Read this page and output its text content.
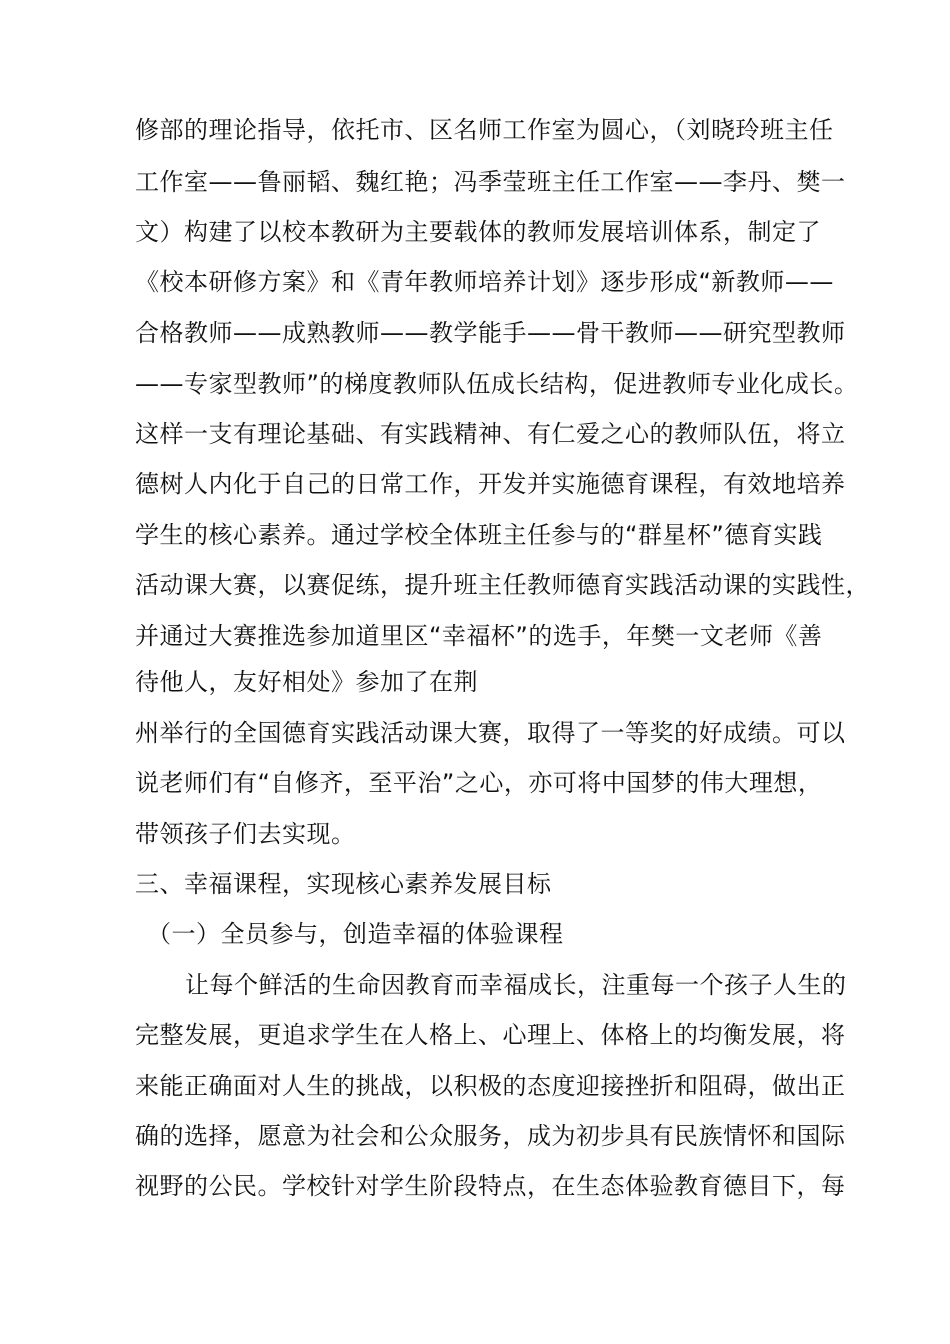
修部的理论指导，依托市、区名师工作室为圆心，（刘晓玲班主任
工作室——鲁丽韬、魏红艳；冯季莹班主任工作室——李丹、樊一
文）构建了以校本教研为主要载体的教师发展培训体系，制定了
《校本研修方案》和《青年教师培养计划》逐步形成“新教师——
合格教师——成熟教师——教学能手——骨干教师——研究型教师
——专家型教师”的梯度教师队伍成长结构，促进教师专业化成长。
这样一支有理论基础、有实践精神、有仁爱之心的教师队伍，将立
德树人内化于自己的日常工作，开发并实施德育课程，有效地培养
学生的核心素养。通过学校全体班主任参与的“群星杯”德育实践
活动课大赛，以赛促练，提升班主任教师德育实践活动课的实践性，
并通过大赛推选参加道里区“幸福杯”的选手，年樊一文老师《善
待他人，友好相处》参加了在荆
州举行的全国德育实践活动课大赛，取得了一等奖的好成绩。可以
说老师们有“自修齐，至平治”之心，亦可将中国梦的伟大理想，
带领孩子们去实现。
三、幸福课程，实现核心素养发展目标
（一）全员参与，创造幸福的体验课程
让每个鲜活的生命因教育而幸福成长，注重每一个孩子人生的
完整发展，更追求学生在人格上、心理上、体格上的均衡发展，将
来能正确面对人生的挑战，以积极的态度迎接挫折和阻碍，做出正
确的选择，愿意为社会和公众服务，成为初步具有民族情怀和国际
视野的公民。学校针对学生阶段特点，在生态体验教育德目下，每
